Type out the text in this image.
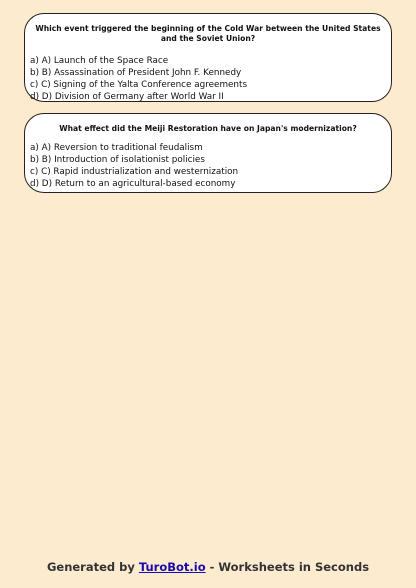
Which event triggered the beginning of the Cold War between the United States and the Soviet Union?

a) A) Launch of the Space Race
b) B) Assassination of President John F. Kennedy
c) C) Signing of the Yalta Conference agreements
d) D) Division of Germany after World War II

What effect did the Meiji Restoration have on Japan's modernization?

a) A) Reversion to traditional feudalism
b) B) Introduction of isolationist policies
c) C) Rapid industrialization and westernization
d) D) Return to an agricultural-based economy
Generated by TuroBot.io - Worksheets in Seconds
